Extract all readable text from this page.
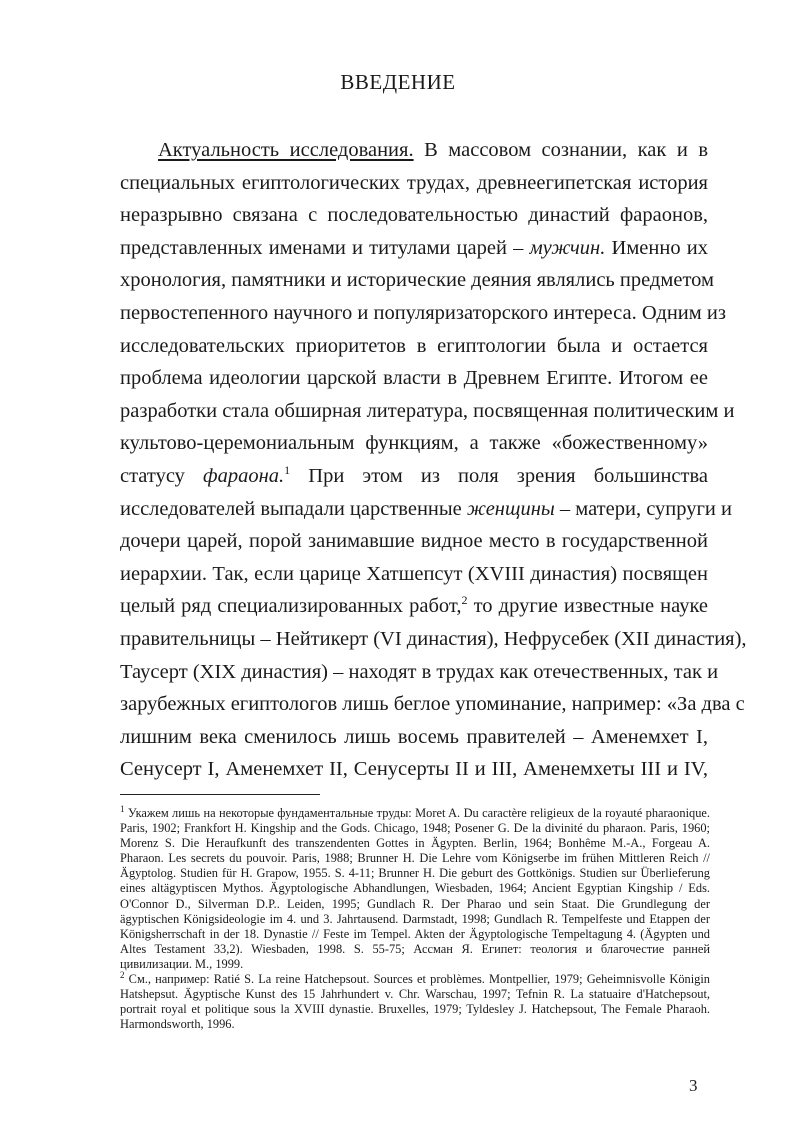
ВВЕДЕНИЕ
Актуальность исследования. В массовом сознании, как и в
специальных египтологических трудах, древнеегипетская история
неразрывно связана с последовательностью династий фараонов,
представленных именами и титулами царей – мужчин. Именно их
хронология, памятники и исторические деяния являлись предметом
первостепенного научного и популяризаторского интереса. Одним из
исследовательских приоритетов в египтологии была и остается
проблема идеологии царской власти в Древнем Египте. Итогом ее
разработки стала обширная литература, посвященная политическим и
культово-церемониальным функциям, а также «божественному»
статусу фараона.$^1$ При этом из поля зрения большинства
исследователей выпадали царственные женщины – матери, супруги и
дочери царей, порой занимавшие видное место в государственной
иерархии. Так, если царице Хатшепсут (XVIII династия) посвящен
целый ряд специализированных работ,$^2$ то другие известные науке
правительницы – Нейтикерт (VI династия), Нефрусебек (XII династия),
Таусерт (XIX династия) – находят в трудах как отечественных, так и
зарубежных египтологов лишь беглое упоминание, например: «За два с
лишним века сменилось лишь восемь правителей – Аменемхет I,
Сенусерт I, Аменемхет II, Сенусерты II и III, Аменемхеты III и IV,

$^1$ Укажем лишь на некоторые фундаментальные труды: Moret A. Du caractère religieux de la royauté pharaonique. Paris, 1902; Frankfort H. Kingship and the Gods. Chicago, 1948; Posener G. De la divinité du pharaon. Paris, 1960; Morenz S. Die Heraufkunft des transzendenten Gottes in Ägypten. Berlin, 1964; Bonhême M.-A., Forgeau A. Pharaon. Les secrets du pouvoir. Paris, 1988; Brunner H. Die Lehre vom Königserbe im frühen Mittleren Reich // Ägyptolog. Studien für H. Grapow, 1955. S. 4-11; Brunner H. Die geburt des Gottkönigs. Studien sur Überlieferung eines altägyptiscen Mythos. Ägyptologische Abhandlungen, Wiesbaden, 1964; Ancient Egyptian Kingship / Eds. O'Connor D., Silverman D.P.. Leiden, 1995; Gundlach R. Der Pharao und sein Staat. Die Grundlegung der ägyptischen Königsideologie im 4. und 3. Jahrtausend. Darmstadt, 1998; Gundlach R. Tempelfeste und Etappen der Königsherrschaft in der 18. Dynastie // Feste im Tempel. Akten der Ägyptologische Tempeltagung 4. (Ägypten und Altes Testament 33,2). Wiesbaden, 1998. S. 55-75; Ассман Я. Египет: теология и благочестие ранней цивилизации. М., 1999.

$^2$ См., например: Ratié S. La reine Hatchepsout. Sources et problèmes. Montpellier, 1979; Geheimnisvolle Königin Hatshepsut. Ägyptische Kunst des 15 Jahrhundert v. Chr. Warschau, 1997; Tefnin R. La statuaire d'Hatchepsout, portrait royal et politique sous la XVIII dynastie. Bruxelles, 1979; Tyldesley J. Hatchepsout, The Female Pharaoh. Harmondsworth, 1996.

3
